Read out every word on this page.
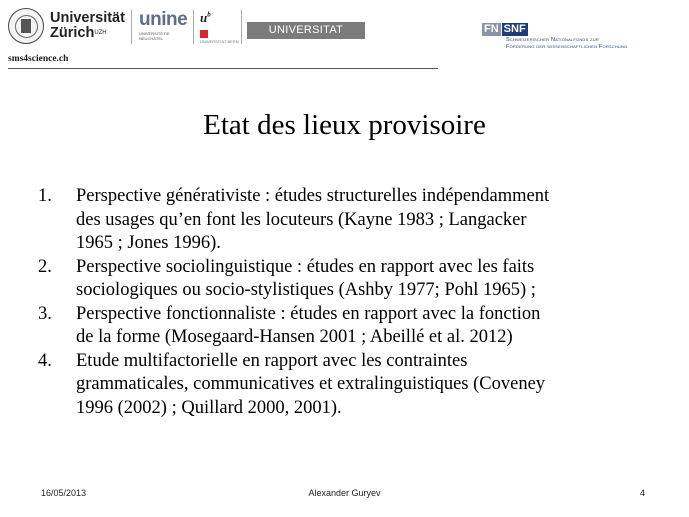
Universität
Zürich$^{UZH}$
unine
UNIVERSITÉ DE NEUCHÂTEL
$u^b$
UNIVERSITÄT BERN
UNIVERSITAT LEIPZIG
sms4science.ch
FN SNF
Schweizerischer Nationalfonds zur
Förderung der wissenschaftlichen Forschung
Etat des lieux provisoire
1.	Perspective générativiste : études structurelles indépendamment
des usages qu’en font les locuteurs (Kayne 1983 ; Langacker
1965 ; Jones 1996).
2.	Perspective sociolinguistique : études en rapport avec les faits
sociologiques ou socio-stylistiques (Ashby 1977; Pohl 1965) ;
3.	Perspective fonctionnaliste : études en rapport avec la fonction
de la forme (Mosegaard-Hansen 2001 ; Abeillé et al. 2012)
4.	Etude multifactorielle en rapport avec les contraintes
grammaticales, communicatives et extralinguistiques (Coveney
1996 (2002) ; Quillard 2000, 2001).
16/05/2013	Alexander Guryev	4
